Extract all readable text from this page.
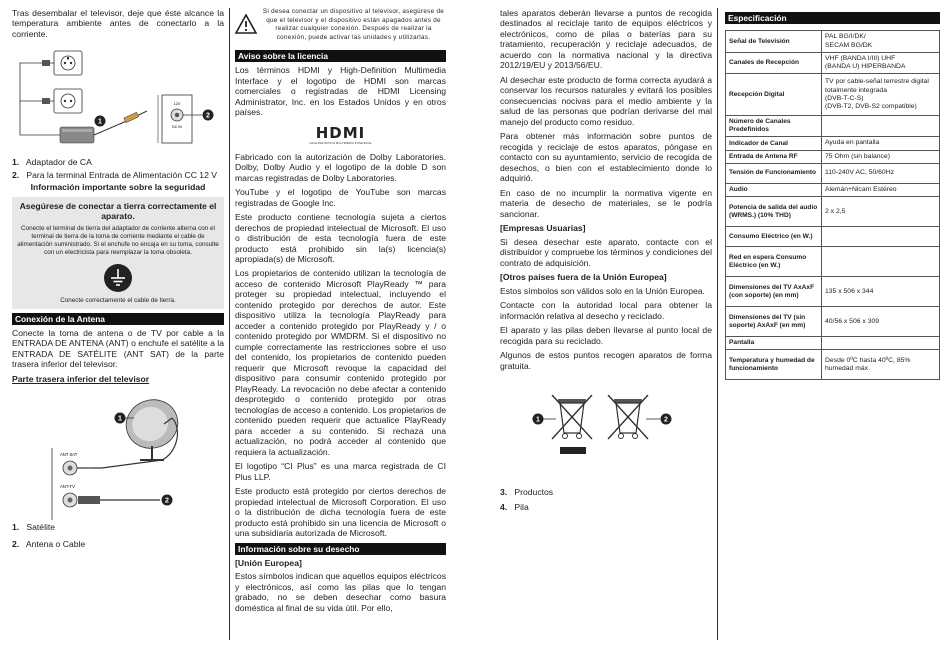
Tras desembalar el televisor, deje que éste alcance la temperatura ambiente antes de conectarlo a la corriente.

1
12V
DC IN
2
1. Adaptador de CA
2. Para la terminal Entrada de Alimentación CC 12 V
Información importante sobre la seguridad
Asegúrese de conectar a tierra correctamente el aparato.
Conecte el terminal de tierra del adaptador de corriente alterna con el terminal de tierra de la toma de corriente mediante el cable de alimentación suministrado. Si el enchufe no encaja en su toma, consulte con un electricista para reemplazar la toma obsoleta.
Conecte correctamente el cable de tierra.
Conexión de la Antena

Conecte la toma de antena o de TV por cable a la ENTRADA DE ANTENA (ANT) o enchufe el satélite a la ENTRADA DE SATÉLITE (ANT SAT) de la parte trasera inferior del televisor.

Parte trasera inferior del televisor
1
ANT SAT
ANT-TV
2
1. Satélite
2. Antena o Cable
Si desea conectar un dispositivo al televisor, asegúrese de que el televisor y el dispositivo están apagados antes de realizar cualquier conexión. Después de realizar la conexión, puede activar las unidades y utilizarlas.
Aviso sobre la licencia

Los términos HDMI y High-Definition Multimedia Interface y el logotipo de HDMI son marcas comerciales o registradas de HDMI Licensing Administrator, Inc. en los Estados Unidos y en otros países.

HDMI
HIGH-DEFINITION MULTIMEDIA INTERFACE

Fabricado con la autorización de Dolby Laboratories. Dolby, Dolby Audio y el logotipo de la doble D son marcas registradas de Dolby Laboratories.

YouTube y el logotipo de YouTube son marcas registradas de Google Inc.

Este producto contiene tecnología sujeta a ciertos derechos de propiedad intelectual de Microsoft. El uso o distribución de esta tecnología fuera de este producto está prohibido sin la(s) licencia(s) apropiada(s) de Microsoft.

Los propietarios de contenido utilizan la tecnología de acceso de contenido Microsoft PlayReady ™ para proteger su propiedad intelectual, incluyendo el contenido protegido por derechos de autor. Este dispositivo utiliza la tecnología PlayReady para acceder a contenido protegido por PlayReady y / o contenido protegido por WMDRM. Si el dispositivo no cumple correctamente las restricciones sobre el uso del contenido, los propietarios de contenido pueden requerir que Microsoft revoque la capacidad del dispositivo para consumir contenido protegido por PlayReady. La revocación no debe afectar a contenido desprotegido o contenido protegido por otras tecnologías de acceso a contenido. Los propietarios de contenido pueden requerir que actualice PlayReady para acceder a su contenido. Si rechaza una actualización, no podrá acceder al contenido que requiera la actualización.

El logotipo “CI Plus” es una marca registrada de CI Plus LLP.

Este producto está protegido por ciertos derechos de propiedad intelectual de Microsoft Corporation. El uso o la distribución de dicha tecnología fuera de este producto está prohibido sin una licencia de Microsoft o una subsidiaria autorizada de Microsoft.

Información sobre su desecho
[Unión Europea]

Estos símbolos indican que aquellos equipos eléctricos y electrónicos, así como las pilas que lo tengan grabado, no se deben desechar como basura doméstica al final de su vida útil. Por ello,

tales aparatos deberán llevarse a puntos de recogida destinados al reciclaje tanto de equipos eléctricos y electrónicos, como de pilas o baterías para su tratamiento, recuperación y reciclaje adecuados, de acuerdo con la normativa nacional y la directiva 2012/19/EU y 2013/56/EU.

Al desechar este producto de forma correcta ayudará a conservar los recursos naturales y evitará los posibles consecuencias nocivas para el medio ambiente y la salud de las personas que podrían derivarse del mal manejo del producto como residuo.

Para obtener más información sobre puntos de recogida y reciclaje de estos aparatos, póngase en contacto con su ayuntamiento, servicio de recogida de desechos, o bien con el establecimiento donde lo adquirió.

En caso de no incumplir la normativa vigente en materia de desecho de materiales, se le podría sancionar.

[Empresas Usuarias]

Si desea desechar este aparato, contacte con el distribuidor y compruebe los términos y condiciones del contrato de adquisición.

[Otros países fuera de la Unión Europea]

Estos símbolos son válidos solo en la Unión Europea.

Contacte con la autoridad local para obtener la información relativa al desecho y reciclado.

El aparato y las pilas deben llevarse al punto local de recogida para su reciclado.

Algunos de estos puntos recogen aparatos de forma gratuita.

1	2
3. Productos
4. Pila
Especificación
Señal de Televisión	PAL BG/I/DK/
SECAM BG/DK
Canales de Recepción	VHF (BANDA I/III) UHF
(BANDA U) HIPERBANDA
Recepción Digital	TV por cable-señal terrestre digital totalmente integrada
(DVB-T-C-S)
(DVB-T2, DVB-S2 compatible)
Número de Canales Predefinidos	
Indicador de Canal	Ayuda en pantalla
Entrada de Antena RF	75 Ohm (sin balance)
Tensión de Funcionamiento	110-240V AC, 50/60Hz
Audio	Alemán+Nicam Estéreo
Potencia de salida del audio (WRMS.) (10% THD)	2 x 2,5
Consumo Eléctrico (en W.)	
Red en espera Consumo Eléctrico (en W.)	
Dimensiones del TV AxAxF (con soporte) (en mm)	135 x 506 x 344
Dimensiones del TV (sin soporte) AxAxF (en mm)	40/56 x 506 x 309
Pantalla	
Temperatura y humedad de funcionamiento	Desde 0ºC hasta 40ºC, 85% humedad máx.
